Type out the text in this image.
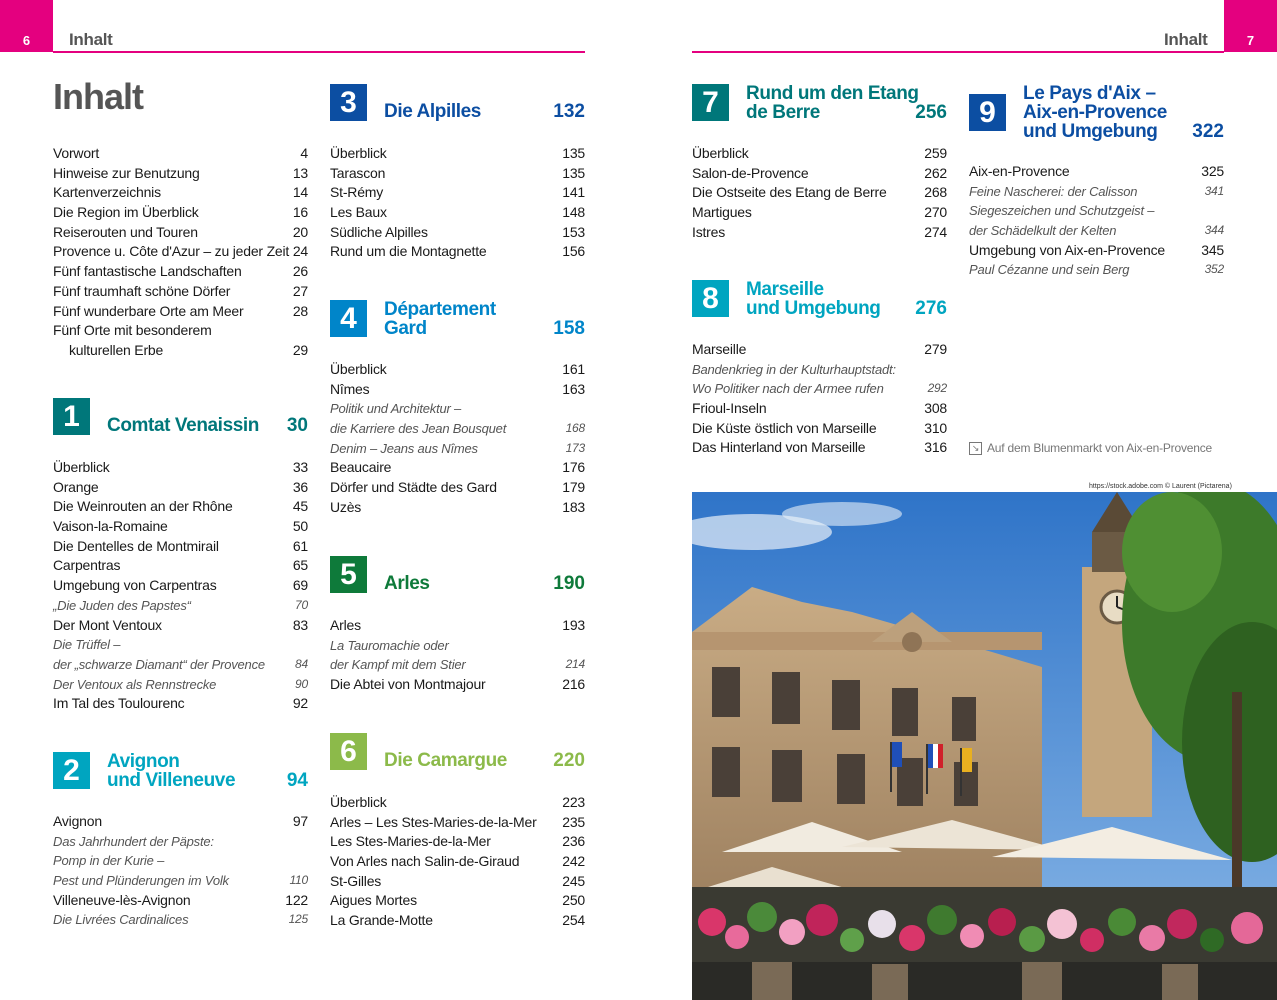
6	Inhalt	7
Inhalt
Inhalt
Vorwort	4
Hinweise zur Benutzung	13
Kartenverzeichnis	14
Die Region im Überblick	16
Reiserouten und Touren	20
Provence u. Côte d'Azur – zu jeder Zeit 24
Fünf fantastische Landschaften	26
Fünf traumhaft schöne Dörfer	27
Fünf wunderbare Orte am Meer	28
Fünf Orte mit besonderem
kulturellen Erbe	29
1	Comtat Venaissin 30
Überblick	33
Orange	36
Die Weinrouten an der Rhône	45
Vaison-la-Romaine	50
Die Dentelles de Montmirail	61
Carpentras	65
Umgebung von Carpentras	69
„Die Juden des Papstes“	70
Der Mont Ventoux	83
Die Trüffel –
der „schwarze Diamant“ der Provence	84
Der Ventoux als Rennstrecke	90
Im Tal des Toulourenc	92
2	Avignon
und Villeneuve	94
Avignon	97
Das Jahrhundert der Päpste:
Pomp in der Kurie –
Pest und Plünderungen im Volk	110
Villeneuve-lès-Avignon	122
Die Livrées Cardinalices	125
3	Die Alpilles	132
Überblick	135
Tarascon	135
St-Rémy	141
Les Baux	148
Südliche Alpilles	153
Rund um die Montagnette	156
4	Département
Gard	158
Überblick	161
Nîmes	163
Politik und Architektur –
die Karriere des Jean Bousquet	168
Denim – Jeans aus Nîmes	173
Beaucaire	176
Dörfer und Städte des Gard	179
Uzès	183
5	Arles	190
Arles	193
La Tauromachie oder
der Kampf mit dem Stier	214
Die Abtei von Montmajour	216
6	Die Camargue 220
Überblick	223
Arles – Les Stes-Maries-de-la-Mer 235
Les Stes-Maries-de-la-Mer	236
Von Arles nach Salin-de-Giraud	242
St-Gilles	245
Aigues Mortes	250
La Grande-Motte	254
7	Rund um den Etang
de Berre	256
Überblick	259
Salon-de-Provence	262
Die Ostseite des Etang de Berre	268
Martigues	270
Istres	274
8	Marseille
und Umgebung 276
Marseille	279
Bandenkrieg in der Kulturhauptstadt:
Wo Politiker nach der Armee rufen	292
Frioul-Inseln	308
Die Küste östlich von Marseille	310
Das Hinterland von Marseille	316
9
Le Pays d'Aix –
Aix-en-Provence
und Umgebung	322
Aix-en-Provence	325
Feine Nascherei: der Calisson	341
Siegeszeichen und Schutzgeist –
der Schädelkult der Kelten	344
Umgebung von Aix-en-Provence	345
Paul Cézanne und sein Berg	352
↘ Auf dem Blumenmarkt von Aix-en-Provence
https://stock.adobe.com © Laurent (Pictarena)
